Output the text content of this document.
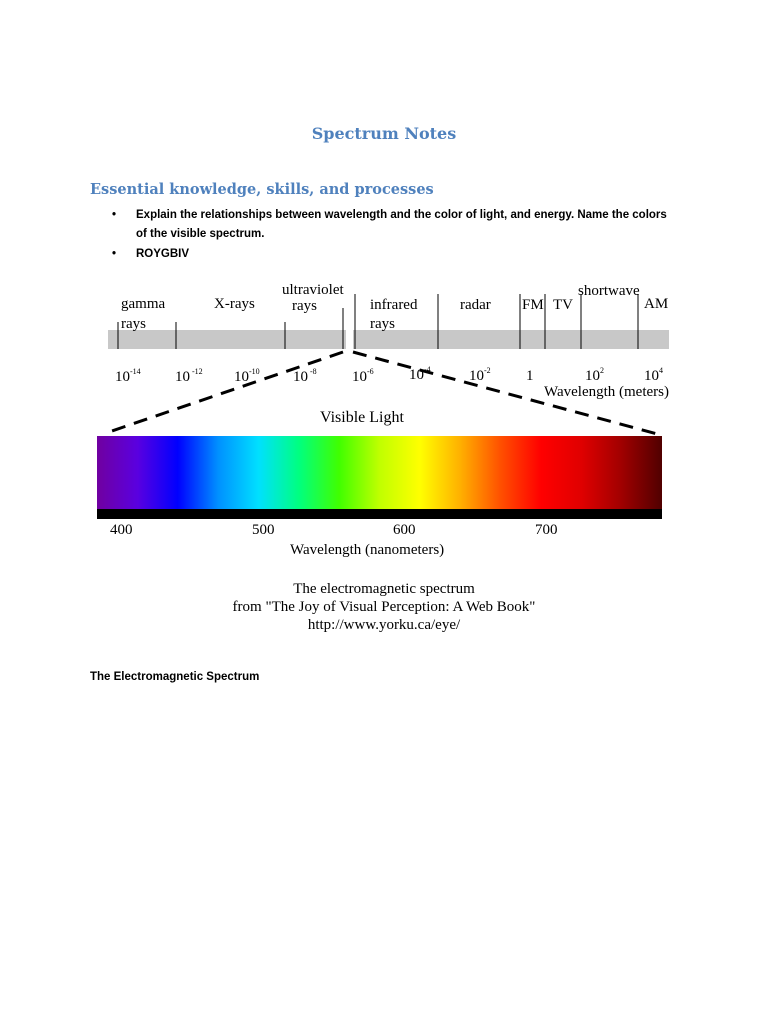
Spectrum Notes
Essential knowledge, skills, and processes
• Explain the relationships between wavelength and the color of light, and energy. Name the colors of the visible spectrum.
• ROYGBIV
gamma
rays
X-rays
ultraviolet
rays	infrared
rays
radar FM TV
shortwave
AM
$10^{-14}$ 10 $^{-12}$ $10^{-10}$ 10 $^{-8}$ $10^{-6}$ $10^{-4}$	$10^{-2}$ 1	$10^2$	$10^4$
Wavelength (meters)
Visible Light
400	500	600	700
Wavelength (nanometers)
The electromagnetic spectrum
from "The Joy of Visual Perception: A Web Book"
http://www.yorku.ca/eye/
The Electromagnetic Spectrum
